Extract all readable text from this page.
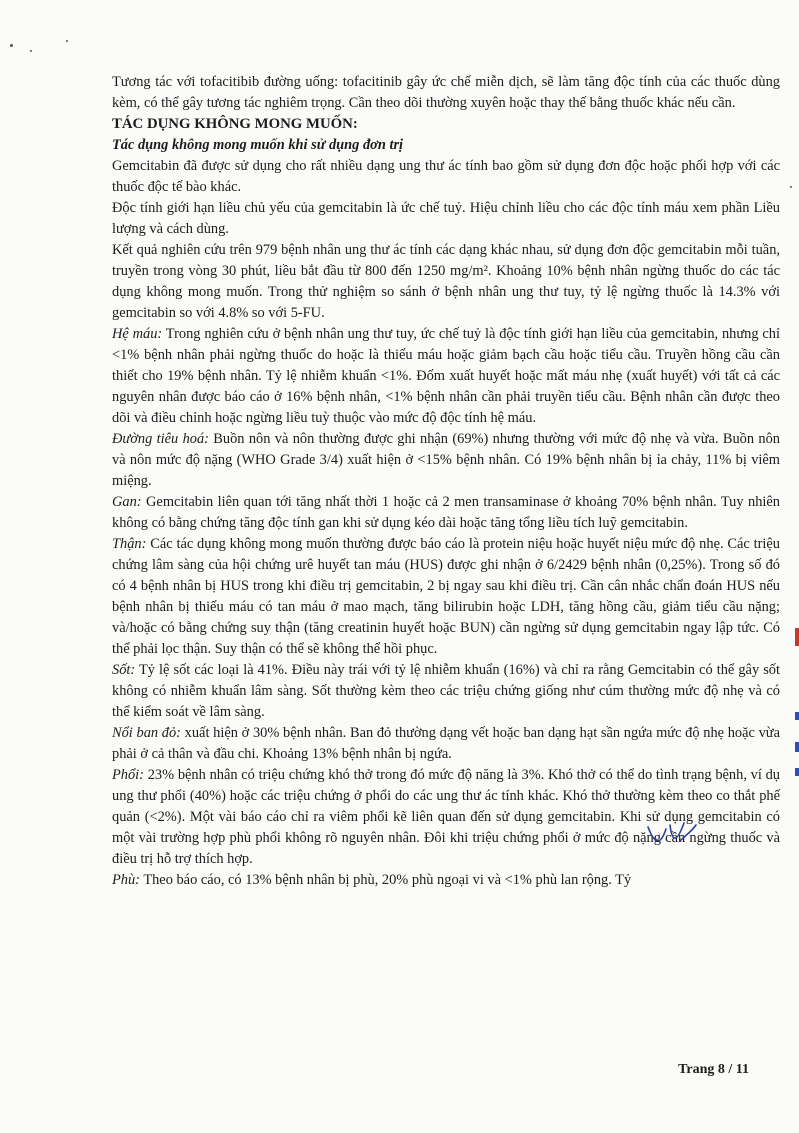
Tương tác với tofacitibib đường uống: tofacitinib gây ức chế miễn dịch, sẽ làm tăng độc tính của các thuốc dùng kèm, có thể gây tương tác nghiêm trọng. Cần theo dõi thường xuyên hoặc thay thế bằng thuốc khác nếu cần.

TÁC DỤNG KHÔNG MONG MUỐN:

Tác dụng không mong muốn khi sử dụng đơn trị

Gemcitabin đã được sử dụng cho rất nhiều dạng ung thư ác tính bao gồm sử dụng đơn độc hoặc phối hợp với các thuốc độc tế bào khác.

Độc tính giới hạn liều chủ yếu của gemcitabin là ức chế tuỷ. Hiệu chỉnh liều cho các độc tính máu xem phần Liều lượng và cách dùng.

Kết quả nghiên cứu trên 979 bệnh nhân ung thư ác tính các dạng khác nhau, sử dụng đơn độc gemcitabin mỗi tuần, truyền trong vòng 30 phút, liều bắt đầu từ 800 đến 1250 mg/m². Khoảng 10% bệnh nhân ngừng thuốc do các tác dụng không mong muốn. Trong thử nghiệm so sánh ở bệnh nhân ung thư tuy, tỷ lệ ngừng thuốc là 14.3% với gemcitabin so với 4.8% so với 5-FU.

Hệ máu: Trong nghiên cứu ở bệnh nhân ung thư tuy, ức chế tuỷ là độc tính giới hạn liều của gemcitabin, nhưng chỉ <1% bệnh nhân phải ngừng thuốc do hoặc là thiếu máu hoặc giảm bạch cầu hoặc tiểu cầu. Truyền hồng cầu cần thiết cho 19% bệnh nhân. Tỷ lệ nhiễm khuẩn <1%. Đốm xuất huyết hoặc mất máu nhẹ (xuất huyết) với tất cả các nguyên nhân được báo cáo ở 16% bệnh nhân, <1% bệnh nhân cần phải truyền tiểu cầu. Bệnh nhân cần được theo dõi và điều chỉnh hoặc ngừng liều tuỳ thuộc vào mức độ độc tính hệ máu.

Đường tiêu hoá: Buồn nôn và nôn thường được ghi nhận (69%) nhưng thường với mức độ nhẹ và vừa. Buồn nôn và nôn mức độ nặng (WHO Grade 3/4) xuất hiện ở <15% bệnh nhân. Có 19% bệnh nhân bị ỉa chảy, 11% bị viêm miệng.

Gan: Gemcitabin liên quan tới tăng nhất thời 1 hoặc cả 2 men transaminase ở khoảng 70% bệnh nhân. Tuy nhiên không có bằng chứng tăng độc tính gan khi sử dụng kéo dài hoặc tăng tổng liều tích luỹ gemcitabin.

Thận: Các tác dụng không mong muốn thường được báo cáo là protein niệu hoặc huyết niệu mức độ nhẹ. Các triệu chứng lâm sàng của hội chứng urê huyết tan máu (HUS) được ghi nhận ở 6/2429 bệnh nhân (0,25%). Trong số đó có 4 bệnh nhân bị HUS trong khi điều trị gemcitabin, 2 bị ngay sau khi điều trị. Cần cân nhắc chẩn đoán HUS nếu bệnh nhân bị thiếu máu có tan máu ở mao mạch, tăng bilirubin hoặc LDH, tăng hồng cầu, giảm tiểu cầu nặng; và/hoặc có bằng chứng suy thận (tăng creatinin huyết hoặc BUN) cần ngừng sử dụng gemcitabin ngay lập tức. Có thể phải lọc thận. Suy thận có thể sẽ không thể hồi phục.

Sốt: Tỷ lệ sốt các loại là 41%. Điều này trái với tỷ lệ nhiễm khuẩn (16%) và chỉ ra rằng Gemcitabin có thể gây sốt không có nhiễm khuẩn lâm sàng. Sốt thường kèm theo các triệu chứng giống như cúm thường mức độ nhẹ và có thể kiểm soát về lâm sàng.

Nổi ban đỏ: xuất hiện ở 30% bệnh nhân. Ban đỏ thường dạng vết hoặc ban dạng hạt sần ngứa mức độ nhẹ hoặc vừa phải ở cả thân và đầu chi. Khoảng 13% bệnh nhân bị ngứa.

Phổi: 23% bệnh nhân có triệu chứng khó thở trong đó mức độ năng là 3%. Khó thở có thể do tình trạng bệnh, ví dụ ung thư phổi (40%) hoặc các triệu chứng ở phổi do các ung thư ác tính khác. Khó thở thường kèm theo co thắt phế quản (<2%). Một vài báo cáo chỉ ra viêm phổi kẽ liên quan đến sử dụng gemcitabin. Khi sử dụng gemcitabin có một vài trường hợp phù phổi không rõ nguyên nhân. Đôi khi triệu chứng phổi ở mức độ nặng cần ngừng thuốc và điều trị hỗ trợ thích hợp.

Phù: Theo báo cáo, có 13% bệnh nhân bị phù, 20% phù ngoại vi và <1% phù lan rộng. Tỷ

Trang 8 / 11
